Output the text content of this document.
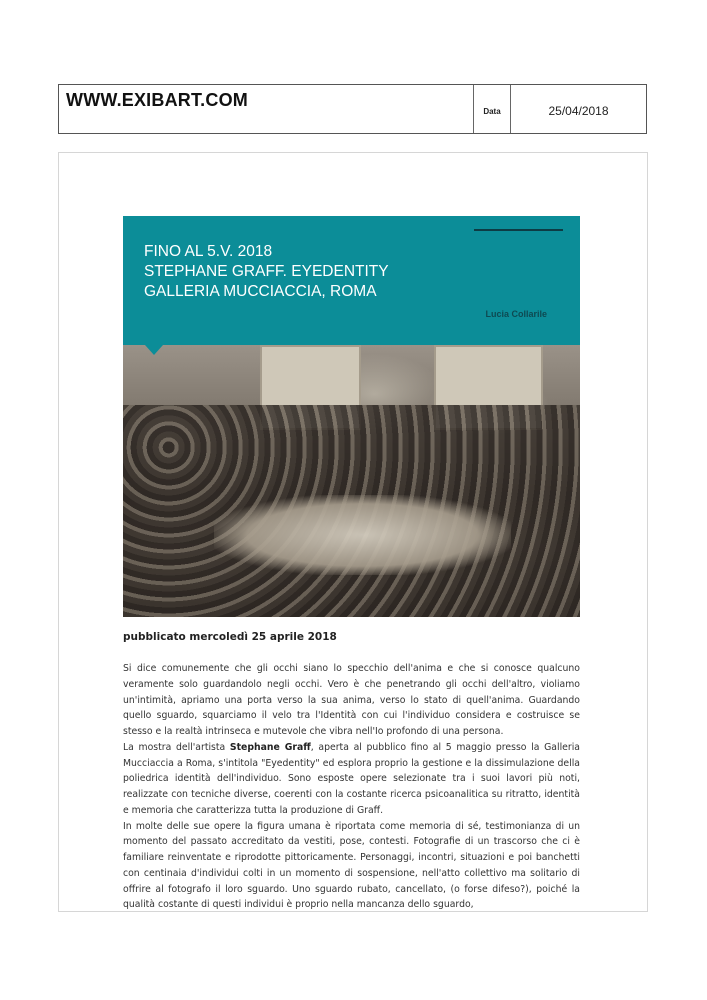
WWW.EXIBART.COM
Data	25/04/2018
FINO AL 5.V. 2018
STEPHANE GRAFF. EYEDENTITY
GALLERIA MUCCIACCIA, ROMA
Lucia Collarile
pubblicato mercoledì 25 aprile 2018

Si dice comunemente che gli occhi siano lo specchio dell'anima e che si conosce qualcuno veramente solo guardandolo negli occhi. Vero è che penetrando gli occhi dell'altro, violiamo un'intimità, apriamo una porta verso la sua anima, verso lo stato di quell'anima. Guardando quello sguardo, squarciamo il velo tra l'Identità con cui l'individuo considera e costruisce se stesso e la realtà intrinseca e mutevole che vibra nell'Io profondo di una persona.

La mostra dell'artista Stephane Graff, aperta al pubblico fino al 5 maggio presso la Galleria Mucciaccia a Roma, s'intitola "Eyedentity" ed esplora proprio la gestione e la dissimulazione della poliedrica identità dell'individuo. Sono esposte opere selezionate tra i suoi lavori più noti, realizzate con tecniche diverse, coerenti con la costante ricerca psicoanalitica su ritratto, identità e memoria che caratterizza tutta la produzione di Graff.

In molte delle sue opere la figura umana è riportata come memoria di sé, testimonianza di un momento del passato accreditato da vestiti, pose, contesti. Fotografie di un trascorso che ci è familiare reinventate e riprodotte pittoricamente. Personaggi, incontri, situazioni e poi banchetti con centinaia d'individui colti in un momento di sospensione, nell'atto collettivo ma solitario di offrire al fotografo il loro sguardo. Uno sguardo rubato, cancellato, (o forse difeso?), poiché la qualità costante di questi individui è proprio nella mancanza dello sguardo,
